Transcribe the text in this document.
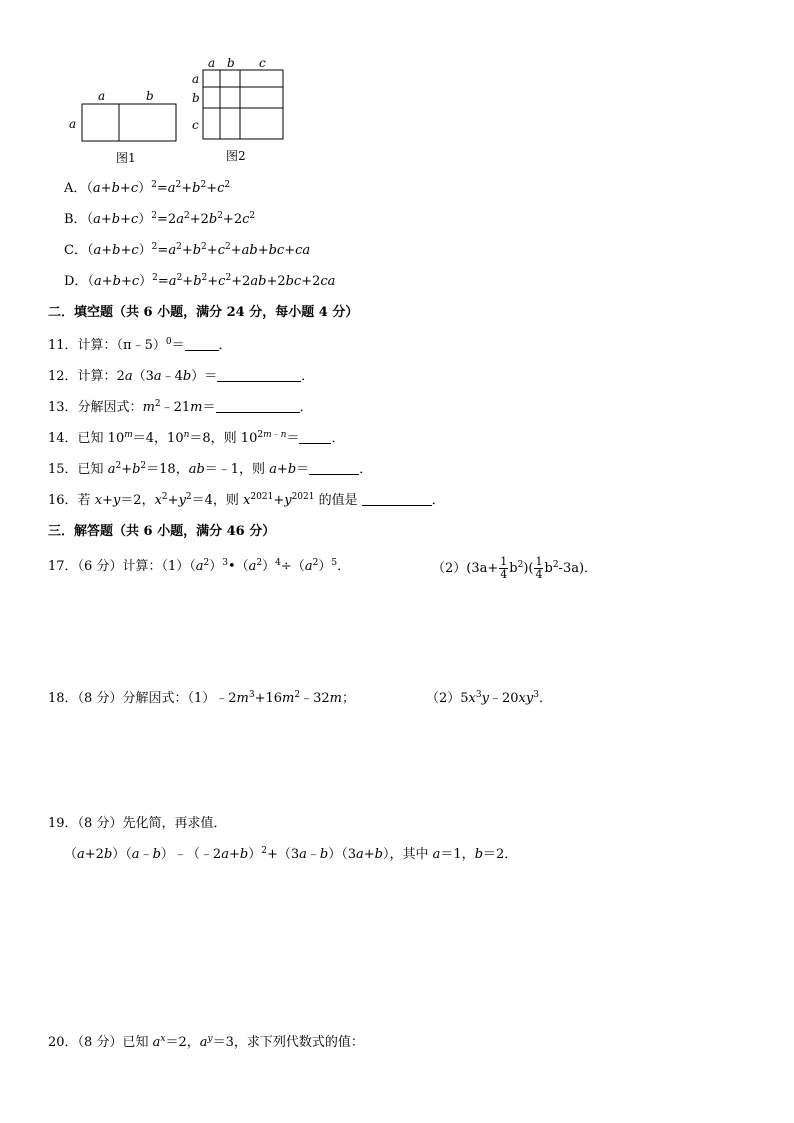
a	b
a
图1
a b c
a
b
c
图2
A．$(a+b+c)^2=a^2+b^2+c^2$
B．$(a+b+c)^2=2a^2+2b^2+2c^2$
C．$(a+b+c)^2=a^2+b^2+c^2+ab+bc+ca$
D．$(a+b+c)^2=a^2+b^2+c^2+2ab+2bc+2ca$
二．填空题（共 6 小题，满分 24 分，每小题 4 分）
11．计算：（π﹣5）$^0$＝	．
12．计算：2a（3a﹣4b）＝	．
13．分解因式：$m^2﹣21m=$	．
14．已知 $10^m=4$，$10^n=8$，则 $10^{2m﹣n}=$ ．
15．已知 $a^2+b^2=18$，ab＝﹣1，则 a+b＝	．
16．若 x+y＝2，$x^2+y^2=4$，则 $x^{2021}+y^{2021}$ 的值是	．
三．解答题（共 6 小题，满分 46 分）
17．（6 分）计算：$(1)(a^2)^3•(a^2)^4\div(a^2)^5$．	$(2)(3a+ \frac{1}{4} b^2)( \frac{1}{4} b^2-3a)$．
18．（8 分）分解因式：$(1)﹣2m^3+16m^2﹣32m$；	$(2)5x^3y﹣20xy^3$．
19．（8 分）先化简，再求值．
（a+2b）（a﹣b）﹣（﹣2a+b）$^2$+（3a﹣b）（3a+b），其中 a＝1，b＝2．
20．（8 分）已知 $a^x=2$，$a^y=3$，求下列代数式的值：
